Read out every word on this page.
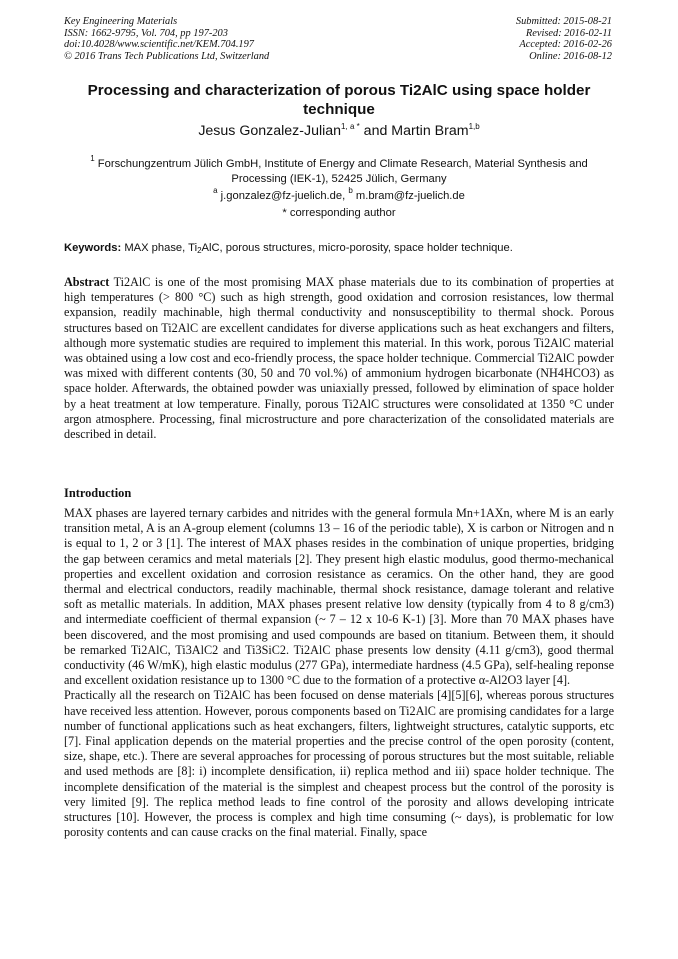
Key Engineering Materials
ISSN: 1662-9795, Vol. 704, pp 197-203
doi:10.4028/www.scientific.net/KEM.704.197
© 2016 Trans Tech Publications Ltd, Switzerland
Submitted: 2015-08-21
Revised: 2016-02-11
Accepted: 2016-02-26
Online: 2016-08-12
Processing and characterization of porous Ti2AlC using space holder technique
Jesus Gonzalez-Julian$^{1, a *}$ and Martin Bram$^{1,b}$
$^1$ Forschungzentrum Jülich GmbH, Institute of Energy and Climate Research, Material Synthesis and Processing (IEK-1), 52425 Jülich, Germany
$^a$ j.gonzalez@fz-juelich.de, $^b$ m.bram@fz-juelich.de
* corresponding author
Keywords: MAX phase, $Ti_2AlC$, porous structures, micro-porosity, space holder technique.
Abstract Ti2AlC is one of the most promising MAX phase materials due to its combination of properties at high temperatures (> 800 °C) such as high strength, good oxidation and corrosion resistances, low thermal expansion, readily machinable, high thermal conductivity and nonsusceptibility to thermal shock. Porous structures based on Ti2AlC are excellent candidates for diverse applications such as heat exchangers and filters, although more systematic studies are required to implement this material. In this work, porous Ti2AlC material was obtained using a low cost and eco-friendly process, the space holder technique. Commercial Ti2AlC powder was mixed with different contents (30, 50 and 70 vol.%) of ammonium hydrogen bicarbonate (NH4HCO3) as space holder. Afterwards, the obtained powder was uniaxially pressed, followed by elimination of space holder by a heat treatment at low temperature. Finally, porous Ti2AlC structures were consolidated at 1350 °C under argon atmosphere. Processing, final microstructure and pore characterization of the consolidated materials are described in detail.
Introduction

MAX phases are layered ternary carbides and nitrides with the general formula Mn+1AXn, where M is an early transition metal, A is an A-group element (columns 13 – 16 of the periodic table), X is carbon or Nitrogen and n is equal to 1, 2 or 3 [1]. The interest of MAX phases resides in the combination of unique properties, bridging the gap between ceramics and metal materials [2]. They present high elastic modulus, good thermo-mechanical properties and excellent oxidation and corrosion resistance as ceramics. On the other hand, they are good thermal and electrical conductors, readily machinable, thermal shock resistance, damage tolerant and relative soft as metallic materials. In addition, MAX phases present relative low density (typically from 4 to 8 g/cm3) and intermediate coefficient of thermal expansion (~ 7 – 12 x 10-6 K-1) [3]. More than 70 MAX phases have been discovered, and the most promising and used compounds are based on titanium. Between them, it should be remarked Ti2AlC, Ti3AlC2 and Ti3SiC2. Ti2AlC phase presents low density (4.11 g/cm3), good thermal conductivity (46 W/mK), high elastic modulus (277 GPa), intermediate hardness (4.5 GPa), self-healing reponse and excellent oxidation resistance up to 1300 °C due to the formation of a protective α-Al2O3 layer [4].

Practically all the research on Ti2AlC has been focused on dense materials [4][5][6], whereas porous structures have received less attention. However, porous components based on Ti2AlC are promising candidates for a large number of functional applications such as heat exchangers, filters, lightweight structures, catalytic supports, etc [7]. Final application depends on the material properties and the precise control of the open porosity (content, size, shape, etc.). There are several approaches for processing of porous structures but the most suitable, reliable and used methods are [8]: i) incomplete densification, ii) replica method and iii) space holder technique. The incomplete densification of the material is the simplest and cheapest process but the control of the porosity is very limited [9]. The replica method leads to fine control of the porosity and allows developing intricate structures [10]. However, the process is complex and high time consuming (~ days), is problematic for low porosity contents and can cause cracks on the final material. Finally, space
